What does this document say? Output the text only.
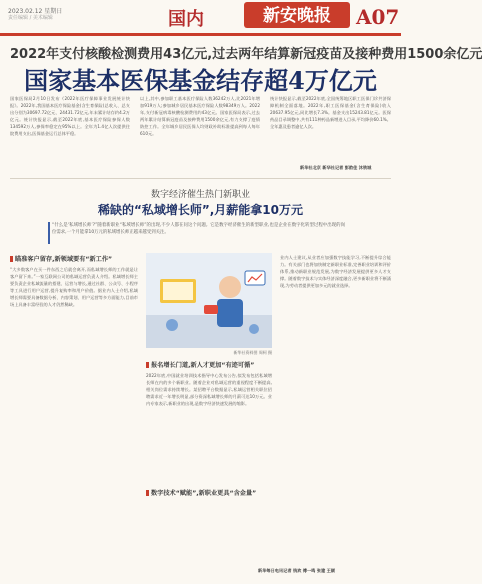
2023.02.12 星期日
责任编辑 / 美术编辑	国内	新安晚报 A07
2022年支付核酸检测费用43亿元,过去两年结算新冠疫苗及接种费用1500余亿元
国家基本医保基金结存超4万亿元
国家医保局2月10日发布《2022年医疗保障事业发展统计快报》。2022年,我国基本医疗保险基金(含生育保险)总收入、总支出分别为30697.72亿元、24431.72亿元,年末累计结存约4.2万亿元。统计快报显示,截至2022年底,基本医疗保险参保人数134592万人,参保率稳定在95%以上。全年为1.4亿人次提供住院费用支出,医保基金运行总体平稳。
以上,其中,参加职工基本医疗保险人数36242万人,比2021年增加919万人;参加城乡居民基本医疗保险人数98349万人。2022年,支付新冠病毒核酸检测费用约43亿元。国家医保局表示,过去两年累计结算新冠疫苗及接种费用1500余亿元,有力支撑了疫情防控工作。全年城乡居民医保人均财政补助标准提高到每人每年610元。
统计快报显示,截至2022年底,全国统筹地区职工医保门诊共济保障机制全面落地。2022年,职工医保基金(含生育保险)收入20637.95亿元,同比增长7.3%。基金支出15243.81亿元。医保药品目录调整中,共有111种药品新增进入目录,平均降价60.1%。全年惠及患者逾亿人次。
新华社北京 新华社记者 彭韵佳 沐铁城
数字经济催生热门新职业
稀缺的“私域增长师”,月薪能拿10万元
“什么是‘私域增长师’?”随着新职业“私域增长师”的出现,不少人都在问这个问题。它是数字经济催生的新型职业,也是企业在数字化转型过程中出现的岗位需求,一个月能拿10万元的私域增长师正越来越受到关注。
瞄准客户留存,新领域要有“新工作”
“大多数客户在买一件东西之后就会离开,而私域增长师的工作就是让客户留下来。”一家互联网公司的私域运营负责人介绍。私域增长师主要负责企业私域流量的搭建、运营与增长,通过社群、公众号、小程序等工具进行用户运营,提升复购率和用户价值。据业内人士介绍,私域增长师需要具备数据分析、内容策划、用户运营等多方面能力,目前市场上具备丰富经验的人才仍然稀缺。
新华社资料图 周柯 摄
报名增长门道,新人才更加“有迹可循”
2022年底,中国就业培训技术指导中心发布公告,拟发布包括私域增长师在内的多个新职业。随着企业对私域运营的重视程度不断提高,相关岗位需求持续增长。某招聘平台数据显示,私域运营相关职位招聘需求近一年增长明显,部分资深私域增长师的月薪可达10万元。业内专家表示,新职业的出现,是数字经济快速发展的缩影。
数字技术“赋能”,新职业更具“含金量”
业内人士建议,从业者应加强数字技能学习,不断提升综合能力。有关部门也将加快制定新职业标准,完善职业培训和评价体系,推动新职业规范发展,为数字经济发展提供更多人才支撑。随着数字技术与实体经济深度融合,更多新职业将不断涌现,为劳动者提供更加多元的就业选择。
新华每日电讯记者 钱欢 傅一鸣 张建 王颖
